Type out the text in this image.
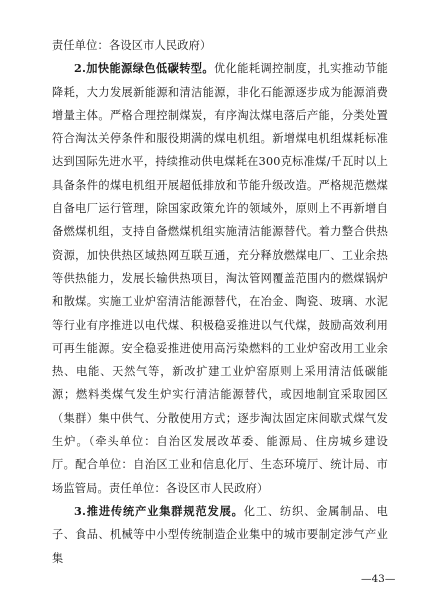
责任单位：各设区市人民政府）

2.加快能源绿色低碳转型。优化能耗调控制度，扎实推动节能降耗，大力发展新能源和清洁能源，非化石能源逐步成为能源消费增量主体。严格合理控制煤炭，有序淘汰煤电落后产能，分类处置符合淘汰关停条件和服役期满的煤电机组。新增煤电机组煤耗标准达到国际先进水平，持续推动供电煤耗在300克标准煤/千瓦时以上具备条件的煤电机组开展超低排放和节能升级改造。严格规范燃煤自备电厂运行管理，除国家政策允许的领域外，原则上不再新增自备燃煤机组，支持自备燃煤机组实施清洁能源替代。着力整合供热资源，加快供热区域热网互联互通，充分释放燃煤电厂、工业余热等供热能力，发展长输供热项目，淘汰管网覆盖范围内的燃煤锅炉和散煤。实施工业炉窑清洁能源替代，在冶金、陶瓷、玻璃、水泥等行业有序推进以电代煤、积极稳妥推进以气代煤，鼓励高效利用可再生能源。安全稳妥推进使用高污染燃料的工业炉窑改用工业余热、电能、天然气等，新改扩建工业炉窑原则上采用清洁低碳能源；燃料类煤气发生炉实行清洁能源替代，或因地制宜采取园区（集群）集中供气、分散使用方式；逐步淘汰固定床间歇式煤气发生炉。（牵头单位：自治区发展改革委、能源局、住房城乡建设厅。配合单位：自治区工业和信息化厅、生态环境厅、统计局、市场监管局。责任单位：各设区市人民政府）

3.推进传统产业集群规范发展。化工、纺织、金属制品、电子、食品、机械等中小型传统制造企业集中的城市要制定涉气产业集

—43—
